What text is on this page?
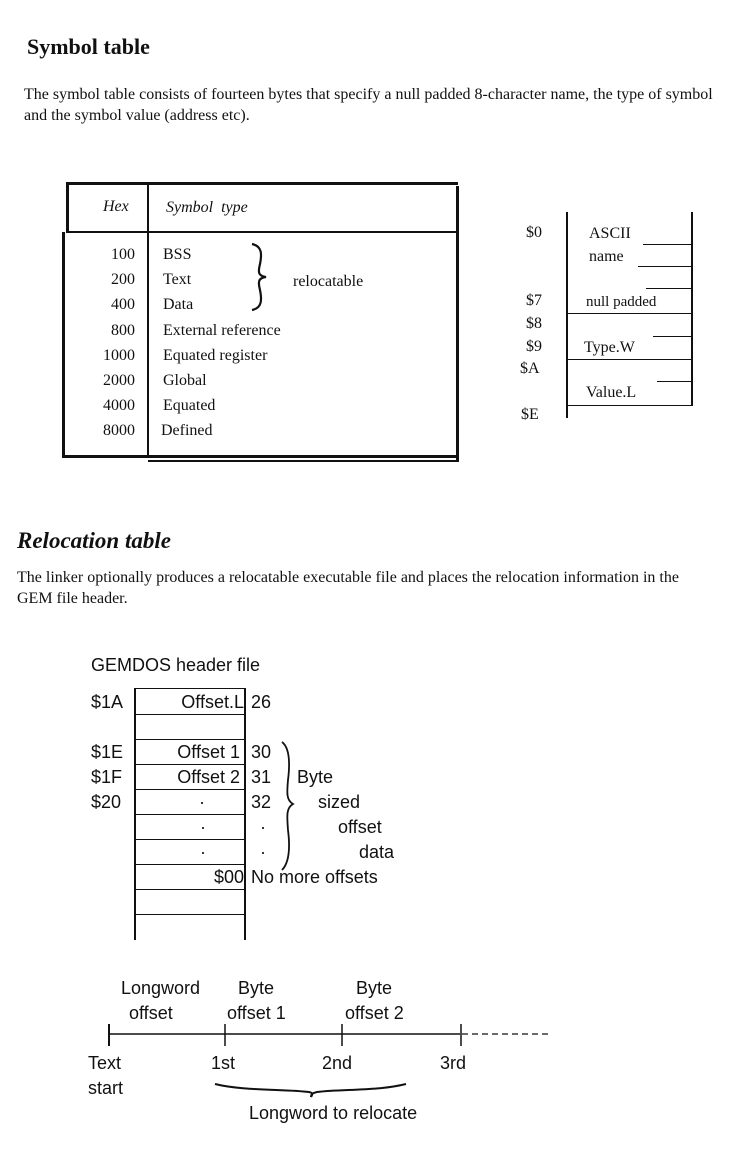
Symbol table

The symbol table consists of fourteen bytes that specify a null padded 8-character name, the type of symbol and the symbol value (address etc).

Hex Symbol  type
100 BSS
200 Text
400 Data
800 External reference
1000 Equated register
2000 Global
4000 Equated
8000 Defined
relocatable
$0
$7
$8
$9
$A
$E
ASCII
name
null padded
Type.W
Value.L
Relocation table

The linker optionally produces a relocatable executable file and places the relocation information in the GEM file header.

GEMDOS header file
$1A
$1E
$1F
$20
Offset.L
Offset 1
Offset 2
·
·
·
$00
26
30
31
32
·
·
Byte
sized
offset
data
No more offsets
Longword
offset
Byte
offset 1
Byte
offset 2
Text
start
1st	2nd	3rd
Longword to relocate
